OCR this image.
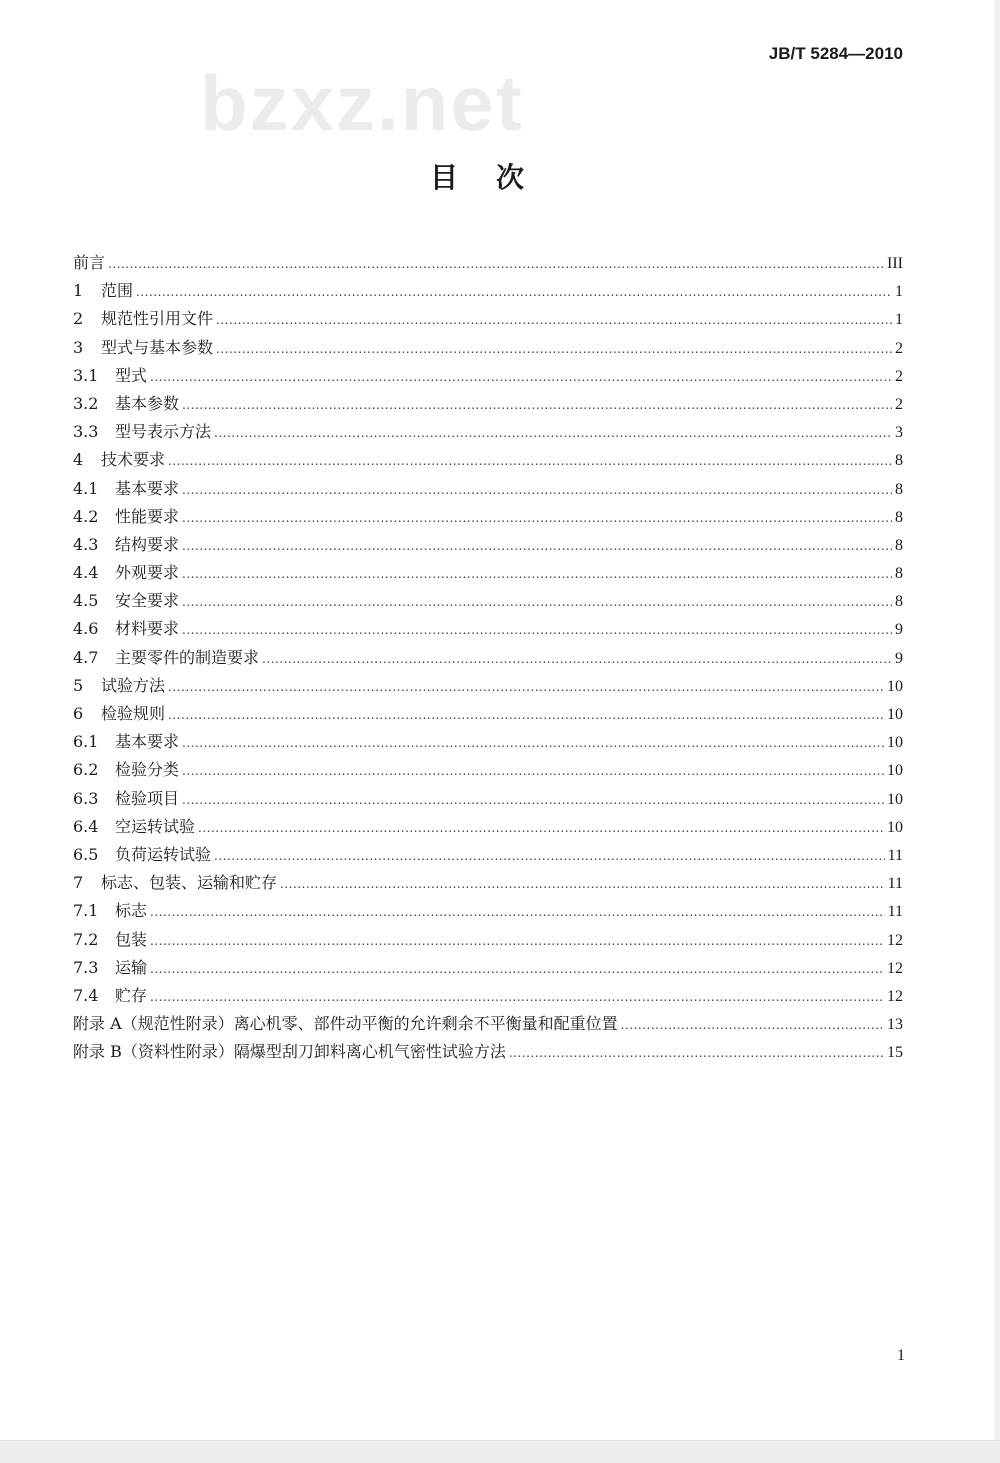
JB/T 5284—2010
bzxz.net
目次
前言 .....	III
1	范围 .....	1
2	规范性引用文件 .....	1
3	型式与基本参数 .....	2
3.1	型式 .....	2
3.2	基本参数 .....	2
3.3	型号表示方法 .....	3
4	技术要求 .....	8
4.1	基本要求 .....	8
4.2	性能要求 .....	8
4.3	结构要求 .....	8
4.4	外观要求 .....	8
4.5	安全要求 .....	8
4.6	材料要求 .....	9
4.7	主要零件的制造要求 .....	9
5	试验方法 .....	10
6	检验规则 .....	10
6.1	基本要求 .....	10
6.2	检验分类 .....	10
6.3	检验项目 .....	10
6.4	空运转试验 .....	10
6.5	负荷运转试验 .....	11
7	标志、包装、运输和贮存 .....	11
7.1	标志 .....	11
7.2	包装 .....	12
7.3	运输 .....	12
7.4	贮存 .....	12
附录 A（规范性附录）离心机零、部件动平衡的允许剩余不平衡量和配重位置 .....	13
附录 B（资料性附录）隔爆型刮刀卸料离心机气密性试验方法 .....	15
1
